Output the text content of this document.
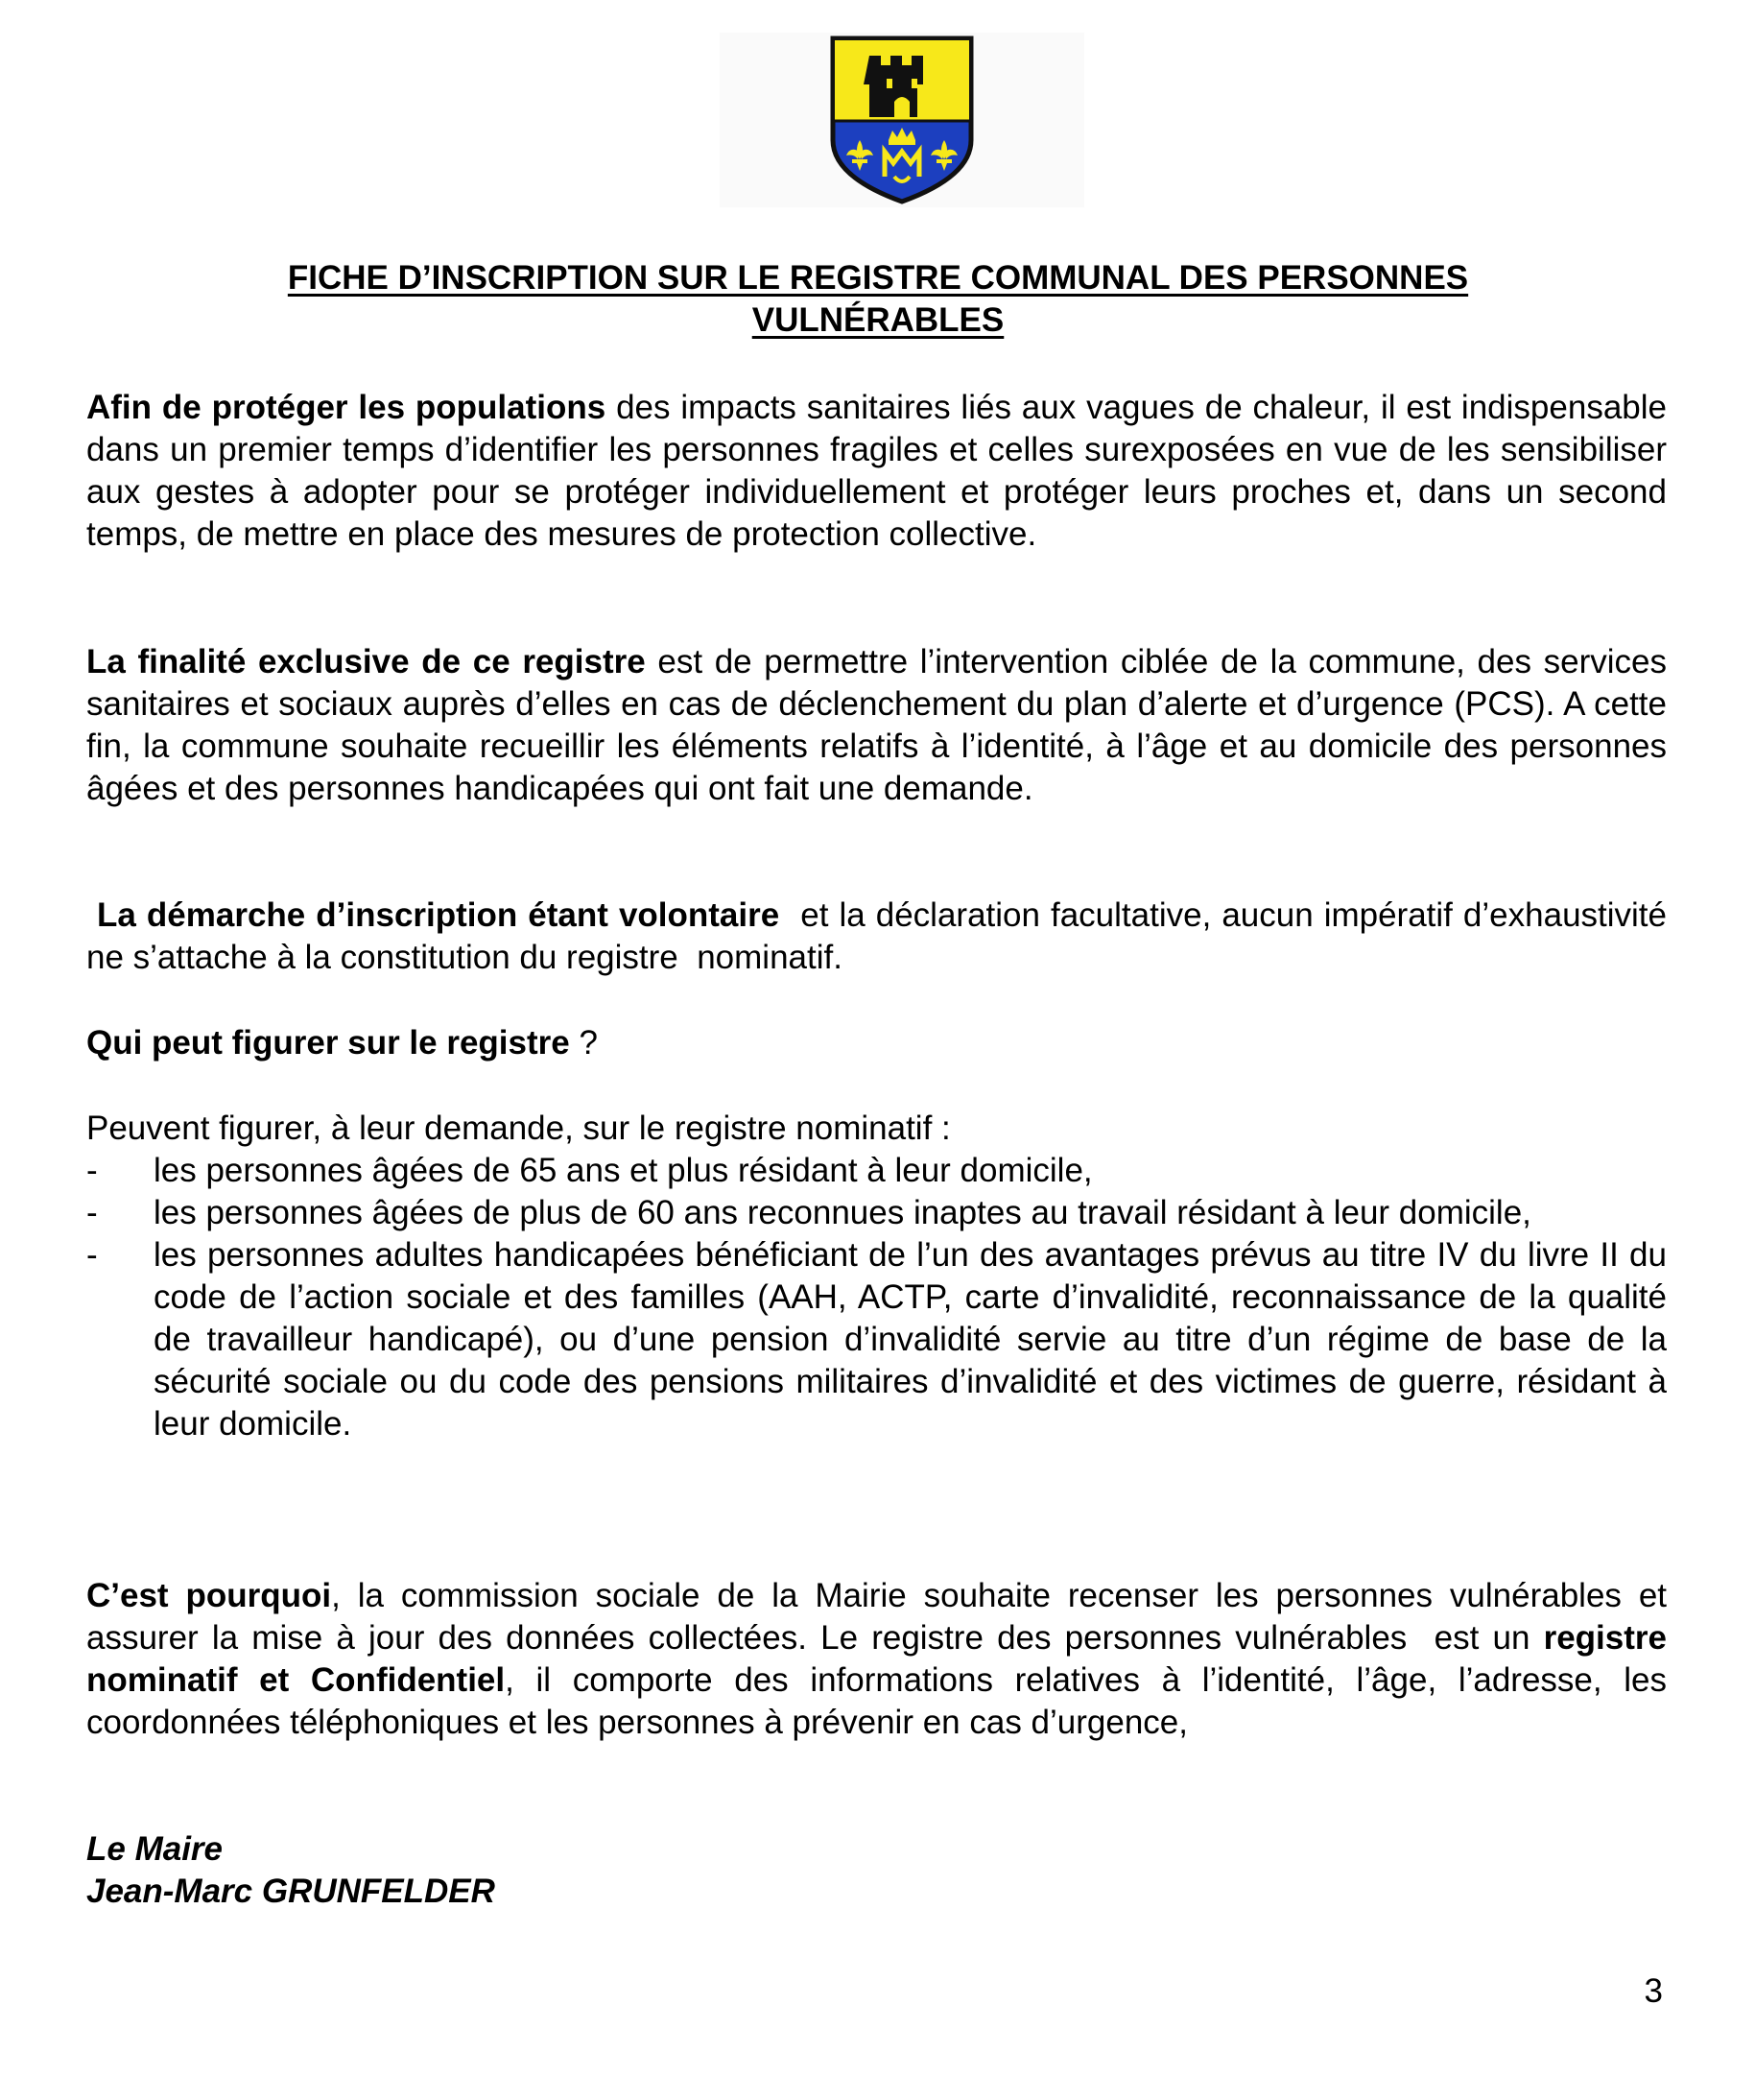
FICHE D’INSCRIPTION SUR LE REGISTRE COMMUNAL DES PERSONNES
VULNÉRABLES

Afin de protéger les populations des impacts sanitaires liés aux vagues de chaleur, il est indispensable dans un premier temps d’identifier les personnes fragiles et celles surexposées en vue de les sensibiliser aux gestes à adopter pour se protéger individuellement et protéger leurs proches et, dans un second temps, de mettre en place des mesures de protection collective.

La finalité exclusive de ce registre est de permettre l’intervention ciblée de la commune, des services sanitaires et sociaux auprès d’elles en cas de déclenchement du plan d’alerte et d’urgence (PCS). A cette fin, la commune souhaite recueillir les éléments relatifs à l’identité, à l’âge et au domicile des personnes âgées et des personnes handicapées qui ont fait une demande.

La démarche d’inscription étant volontaire  et la déclaration facultative, aucun impératif d’exhaustivité ne s’attache à la constitution du registre  nominatif.

Qui peut figurer sur le registre ?

Peuvent figurer, à leur demande, sur le registre nominatif :

- les personnes âgées de 65 ans et plus résidant à leur domicile,
- les personnes âgées de plus de 60 ans reconnues inaptes au travail résidant à leur domicile,
- les personnes adultes handicapées bénéficiant de l’un des avantages prévus au titre IV du livre II du code de l’action sociale et des familles (AAH, ACTP, carte d’invalidité, reconnaissance de la qualité de travailleur handicapé), ou d’une pension d’invalidité servie au titre d’un régime de base de la sécurité sociale ou du code des pensions militaires d’invalidité et des victimes de guerre, résidant à leur domicile.

C’est pourquoi, la commission sociale de la Mairie souhaite recenser les personnes vulnérables et assurer la mise à jour des données collectées. Le registre des personnes vulnérables  est un registre nominatif et Confidentiel, il comporte des informations relatives à l’identité, l’âge, l’adresse, les coordonnées téléphoniques et les personnes à prévenir en cas d’urgence,

Le Maire
Jean-Marc GRUNFELDER
3
